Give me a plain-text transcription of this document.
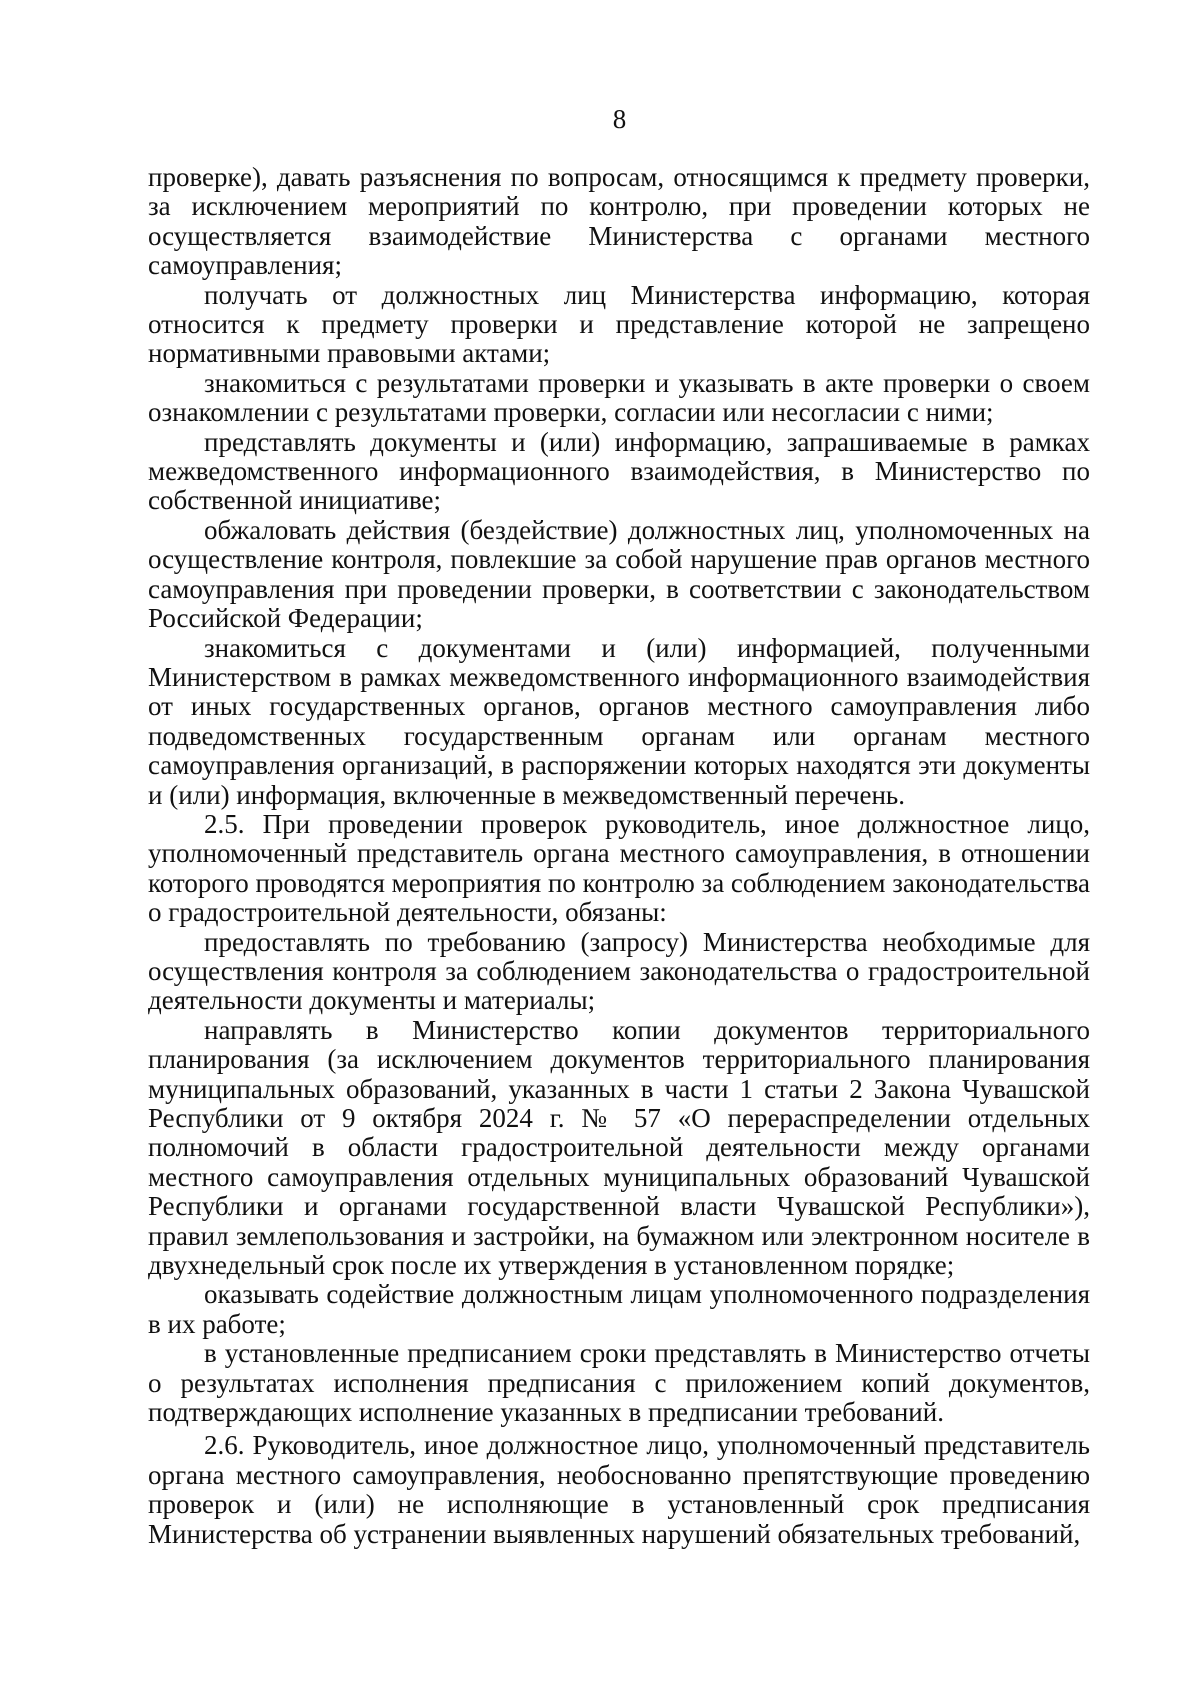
8

проверке), давать разъяснения по вопросам, относящимся к предмету проверки, за исключением мероприятий по контролю, при проведении которых не осуществляется взаимодействие Министерства с органами местного самоуправления;

получать от должностных лиц Министерства информацию, которая относится к предмету проверки и представление которой не запрещено нормативными правовыми актами;

знакомиться с результатами проверки и указывать в акте проверки о своем ознакомлении с результатами проверки, согласии или несогласии с ними;

представлять документы и (или) информацию, запрашиваемые в рамках межведомственного информационного взаимодействия, в Министерство по собственной инициативе;

обжаловать действия (бездействие) должностных лиц, уполномоченных на осуществление контроля, повлекшие за собой нарушение прав органов местного самоуправления при проведении проверки, в соответствии с законодательством Российской Федерации;

знакомиться с документами и (или) информацией, полученными Министерством в рамках межведомственного информационного взаимодействия от иных государственных органов, органов местного самоуправления либо подведомственных государственным органам или органам местного самоуправления организаций, в распоряжении которых находятся эти документы и (или) информация, включенные в межведомственный перечень.

2.5. При проведении проверок руководитель, иное должностное лицо, уполномоченный представитель органа местного самоуправления, в отношении которого проводятся мероприятия по контролю за соблюдением законодательства о градостроительной деятельности, обязаны:

предоставлять по требованию (запросу) Министерства необходимые для осуществления контроля за соблюдением законодательства о градостроительной деятельности документы и материалы;

направлять в Министерство копии документов территориального планирования (за исключением документов территориального планирования муниципальных образований, указанных в части 1 статьи 2 Закона Чувашской Республики от 9 октября 2024 г. № 57 «О перераспределении отдельных полномочий в области градостроительной деятельности между органами местного самоуправления отдельных муниципальных образований Чувашской Республики и органами государственной власти Чувашской Республики»), правил землепользования и застройки, на бумажном или электронном носителе в двухнедельный срок после их утверждения в установленном порядке;

оказывать содействие должностным лицам уполномоченного подразделения в их работе;

в установленные предписанием сроки представлять в Министерство отчеты о результатах исполнения предписания с приложением копий документов, подтверждающих исполнение указанных в предписании требований.

2.6. Руководитель, иное должностное лицо, уполномоченный представитель органа местного самоуправления, необоснованно препятствующие проведению проверок и (или) не исполняющие в установленный срок предписания Министерства об устранении выявленных нарушений обязательных требований,
